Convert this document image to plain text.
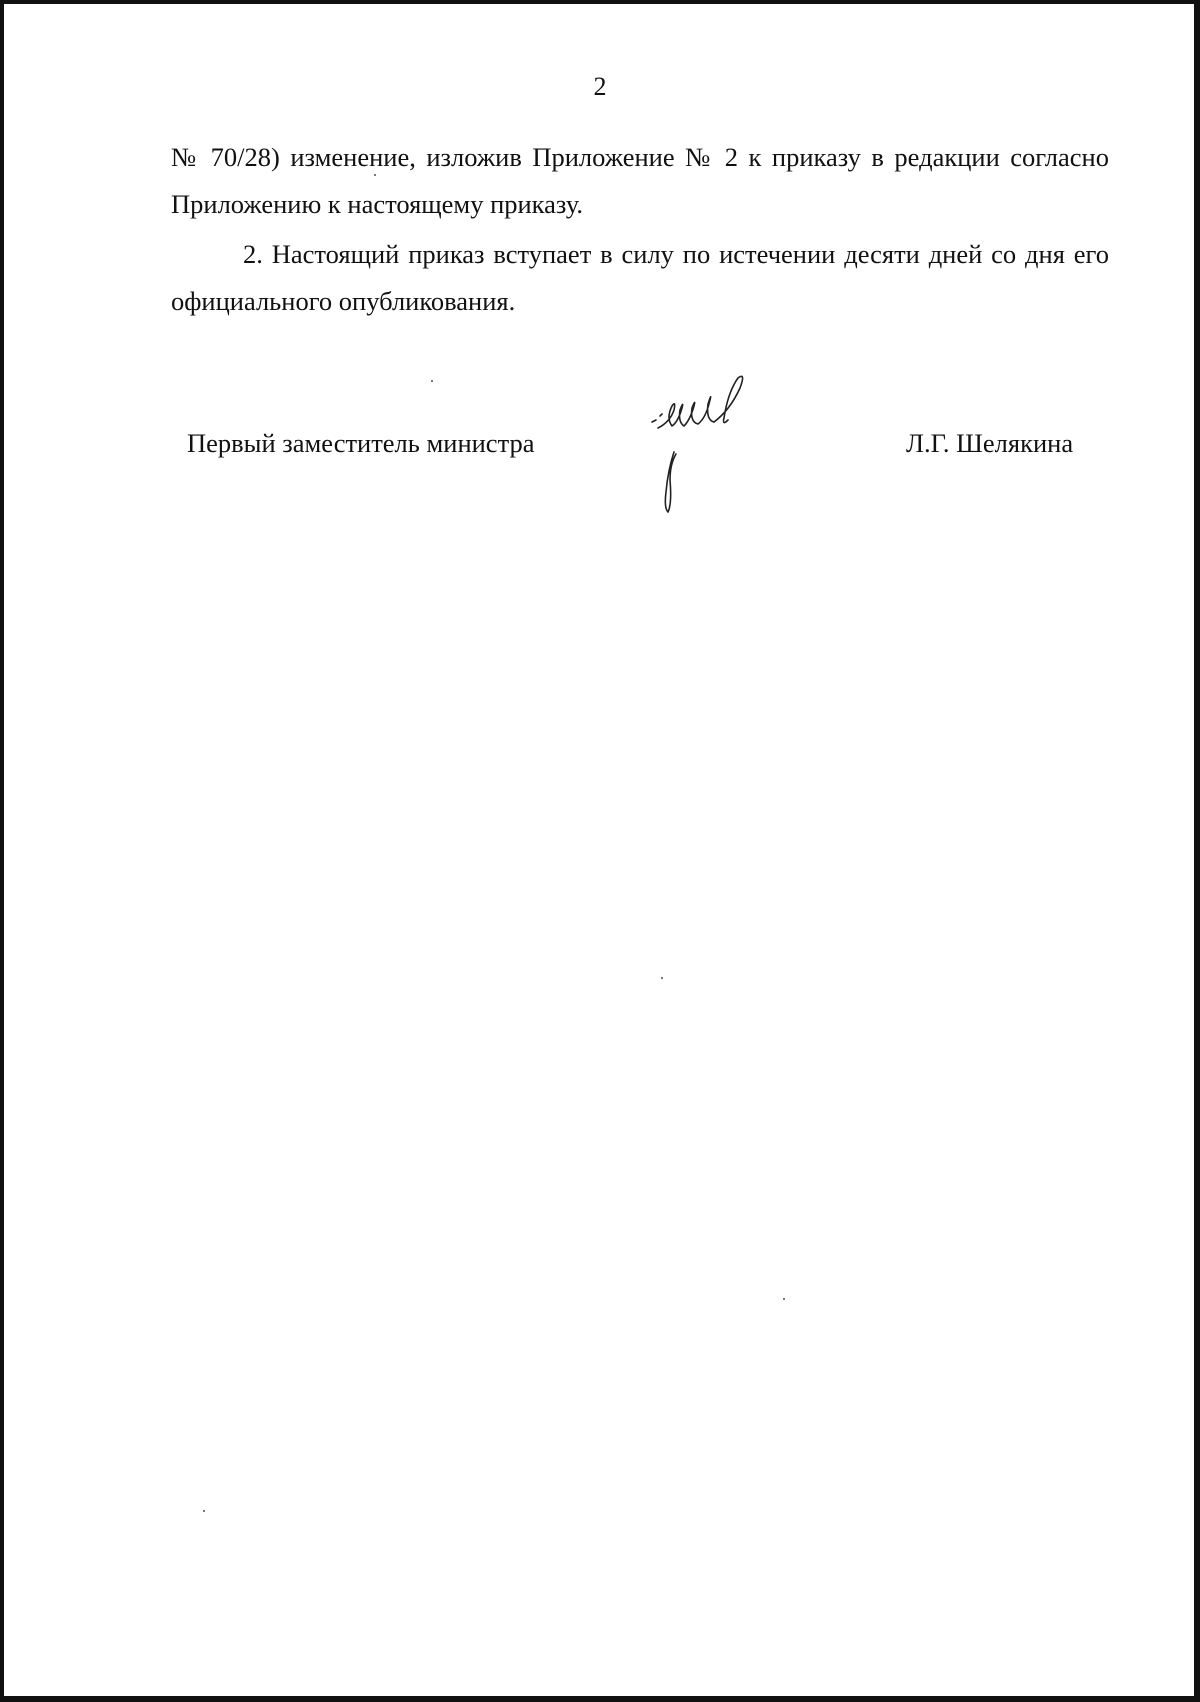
2

№ 70/28) изменение, изложив Приложение № 2 к приказу в редакции согласно Приложению к настоящему приказу.

2. Настоящий приказ вступает в силу по истечении десяти дней со дня его официального опубликования.

Первый заместитель министра	Л.Г. Шелякина
